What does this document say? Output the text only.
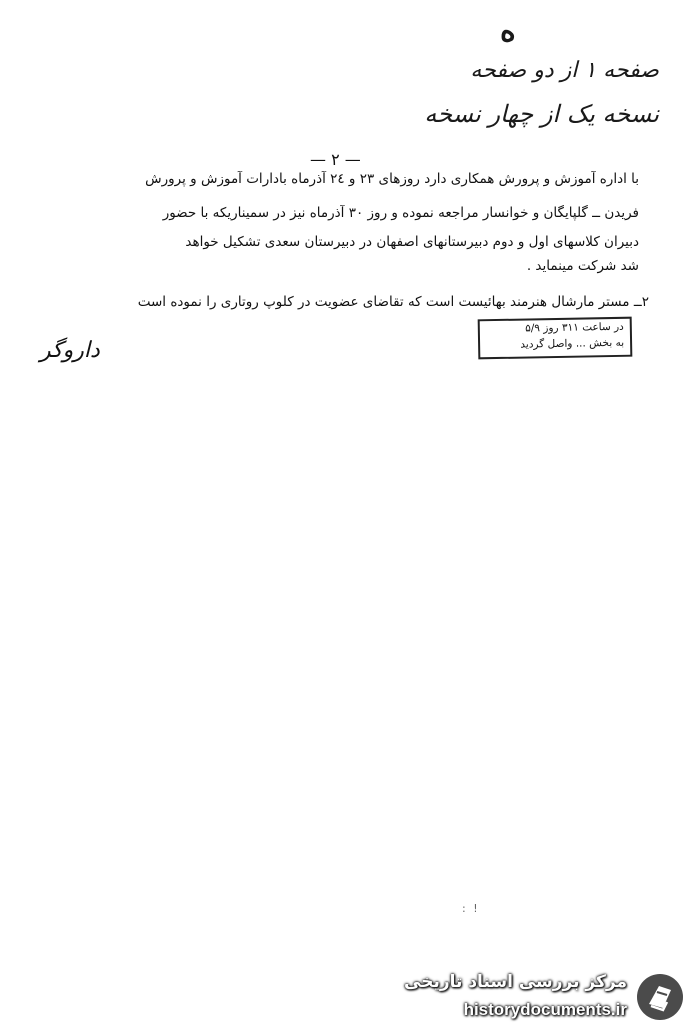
ه
صفحه ۱ از دو صفحه
نسخه یک از چهار نسخه
— ۲ —
با اداره آموزش و پرورش همکاری دارد روزهای ۲۳ و ۲٤ آذرماه بادارات آموزش و پرورش
فریدن ــ گلپایگان و خوانسار مراجعه نموده و روز ۳۰ آذرماه نیز در سمیناریکه با حضور
دبیران کلاسهای اول و دوم دبیرستانهای اصفهان در دبیرستان سعدی تشکیل خواهد
شد شرکت مینماید .
۲ــ مستر مارشال هنرمند بهائیست است که تقاضای عضویت در کلوپ روتاری را نموده است
در ساعت ۳۱۱ روز ۵/۹
به بخش ... واصل گردید
داروگر
: !
مرکز بررسی اسناد تاریخی
historydocuments.ir
